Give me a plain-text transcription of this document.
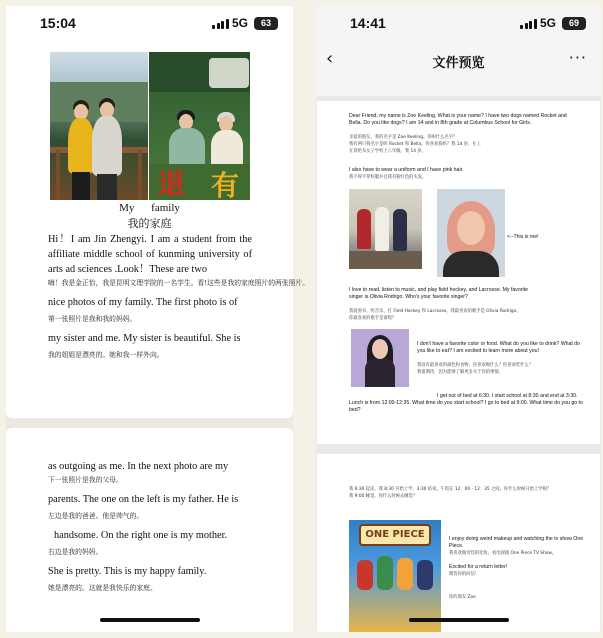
15:04	5G	63
退 有
My family
我的家庭
Hi！I am Jin Zhengyi. I am a student from the affiliate middle school of kunming university of arts ad sciences .Look！These are two
嗨！我是金正怡，我是昆明文理学院的一名学生。看!这些是我的家庭照片的两张照片。
nice photos of my family. The first photo is of
第一张照片是我和我的妈妈。
my sister and me. My sister is beautiful. She is
我的姐姐是漂亮的。她和我一样外向。
as outgoing as me. In the next photo are my
下一张照片是我的父母。
parents. The one on the left is my father. He is
左边是我的爸爸。他是帅气的。
handsome. On the right one is my mother.
右边是我的妈妈。
She is pretty. This is my happy family.
她是漂亮的。这就是我快乐的家庭。
14:41	5G	69
‹	文件预览	···
Dear Friend, my name is Zoe Keeling. What is your name? I have two dogs named Rocket and Bella. Do you like dogs? I am 14 and in 8th grade at Columbus School for Girls.
亲爱的朋友，我的名字是 Zoe Keeling。你叫什么名字？
我有两只狗名字是叫 Rocket 和 Bella。你喜欢狗吗？我 14 岁，在上
在哥伦布女子学校上八年级。我 14 岁。
I also have to wear a uniform and I have pink hair.
我不得不穿校服并且我有粉红色的头发。
<--This is me!
I love to read, listen to music, and play field hockey, and Lacrosse. My favorite singer is Olivia Rodrigo. Who's your favorite singer?
我爱看书、听音乐、打 Field Hockey 和 Lacrosse。我最喜欢的歌手是 Olivia Rodrigo。
你最喜欢的歌手是谁呢？
I don't have a favorite color or food. What do you like to drink? What do you like to eat? I am excited to learn more about you!
我没有最喜欢的颜色和食物，你喜欢喝什么？你喜欢吃什么？
我很期待，因为能够了解更多关于你的事情。
I get out of bed at 6:30. I start school at 8:30 and end at 3:30. Lunch is from 12:00-12:35. What time do you start school? I go to bed at 9:00. What time do you go to bed?
我 6:30 起床。我 8:30 开始上学，3:30 结束。午饭在 12：00 - 12：35 之间。你什么时候开始上学呢？
我 9:00 睡觉。你什么时候去睡觉？
ONE PIECE	I enjoy doing weird makeup and watching the tv show One Piece.
我喜欢做奇怪的化妆，看电视剧 One Piece TV Show。
Excited for a return letter!
期待你的回信！
你的朋友 Zoe
